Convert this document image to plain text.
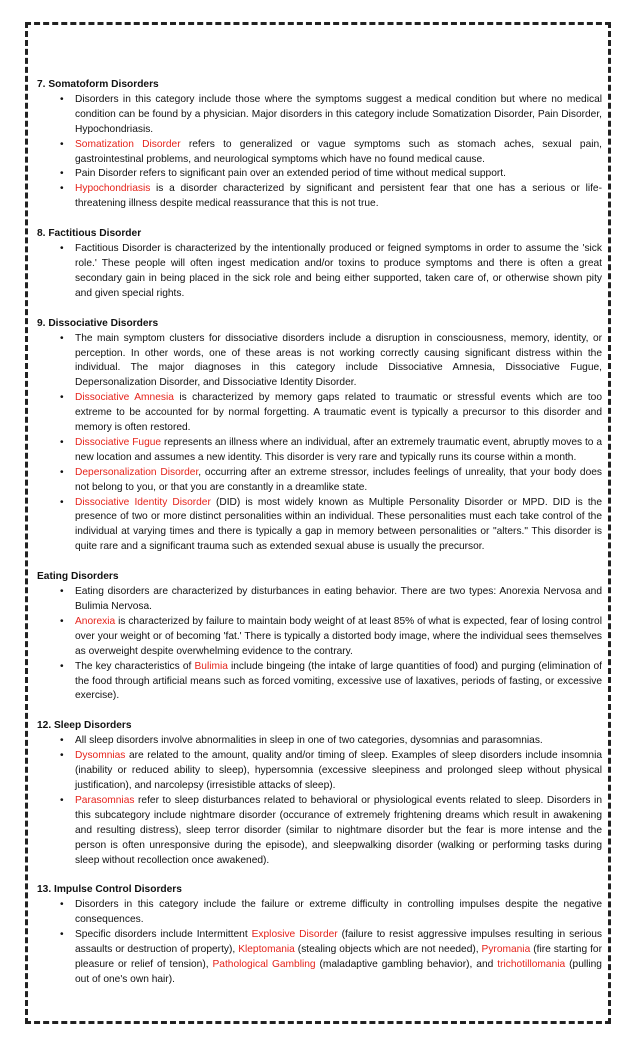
7. Somatoform Disorders
• Disorders in this category include those where the symptoms suggest a medical condition but where no medical condition can be found by a physician. Major disorders in this category include Somatization Disorder, Pain Disorder, Hypochondriasis.
• Somatization Disorder refers to generalized or vague symptoms such as stomach aches, sexual pain, gastrointestinal problems, and neurological symptoms which have no found medical cause.
• Pain Disorder refers to significant pain over an extended period of time without medical support.
• Hypochondriasis is a disorder characterized by significant and persistent fear that one has a serious or life-threatening illness despite medical reassurance that this is not true.
8. Factitious Disorder
• Factitious Disorder is characterized by the intentionally produced or feigned symptoms in order to assume the 'sick role.' These people will often ingest medication and/or toxins to produce symptoms and there is often a great secondary gain in being placed in the sick role and being either supported, taken care of, or otherwise shown pity and given special rights.
9. Dissociative Disorders
• The main symptom clusters for dissociative disorders include a disruption in consciousness, memory, identity, or perception. In other words, one of these areas is not working correctly causing significant distress within the individual. The major diagnoses in this category include Dissociative Amnesia, Dissociative Fugue, Depersonalization Disorder, and Dissociative Identity Disorder.
• Dissociative Amnesia is characterized by memory gaps related to traumatic or stressful events which are too extreme to be accounted for by normal forgetting. A traumatic event is typically a precursor to this disorder and memory is often restored.
• Dissociative Fugue represents an illness where an individual, after an extremely traumatic event, abruptly moves to a new location and assumes a new identity. This disorder is very rare and typically runs its course within a month.
• Depersonalization Disorder, occurring after an extreme stressor, includes feelings of unreality, that your body does not belong to you, or that you are constantly in a dreamlike state.
• Dissociative Identity Disorder (DID) is most widely known as Multiple Personality Disorder or MPD. DID is the presence of two or more distinct personalities within an individual. These personalities must each take control of the individual at varying times and there is typically a gap in memory between personalities or "alters." This disorder is quite rare and a significant trauma such as extended sexual abuse is usually the precursor.
Eating Disorders
• Eating disorders are characterized by disturbances in eating behavior. There are two types: Anorexia Nervosa and Bulimia Nervosa.
• Anorexia is characterized by failure to maintain body weight of at least 85% of what is expected, fear of losing control over your weight or of becoming 'fat.' There is typically a distorted body image, where the individual sees themselves as overweight despite overwhelming evidence to the contrary.
• The key characteristics of Bulimia include bingeing (the intake of large quantities of food) and purging (elimination of the food through artificial means such as forced vomiting, excessive use of laxatives, periods of fasting, or excessive exercise).
12. Sleep Disorders
• All sleep disorders involve abnormalities in sleep in one of two categories, dysomnias and parasomnias.
• Dysomnias are related to the amount, quality and/or timing of sleep. Examples of sleep disorders include insomnia (inability or reduced ability to sleep), hypersomnia (excessive sleepiness and prolonged sleep without physical justification), and narcolepsy (irresistible attacks of sleep).
• Parasomnias refer to sleep disturbances related to behavioral or physiological events related to sleep. Disorders in this subcategory include nightmare disorder (occurance of extremely frightening dreams which result in awakening and resulting distress), sleep terror disorder (similar to nightmare disorder but the fear is more intense and the person is often unresponsive during the episode), and sleepwalking disorder (walking or performing tasks during sleep without recollection once awakened).
13. Impulse Control Disorders
• Disorders in this category include the failure or extreme difficulty in controlling impulses despite the negative consequences.
• Specific disorders include Intermittent Explosive Disorder (failure to resist aggressive impulses resulting in serious assaults or destruction of property), Kleptomania (stealing objects which are not needed), Pyromania (fire starting for pleasure or relief of tension), Pathological Gambling (maladaptive gambling behavior), and trichotillomania (pulling out of one's own hair).
